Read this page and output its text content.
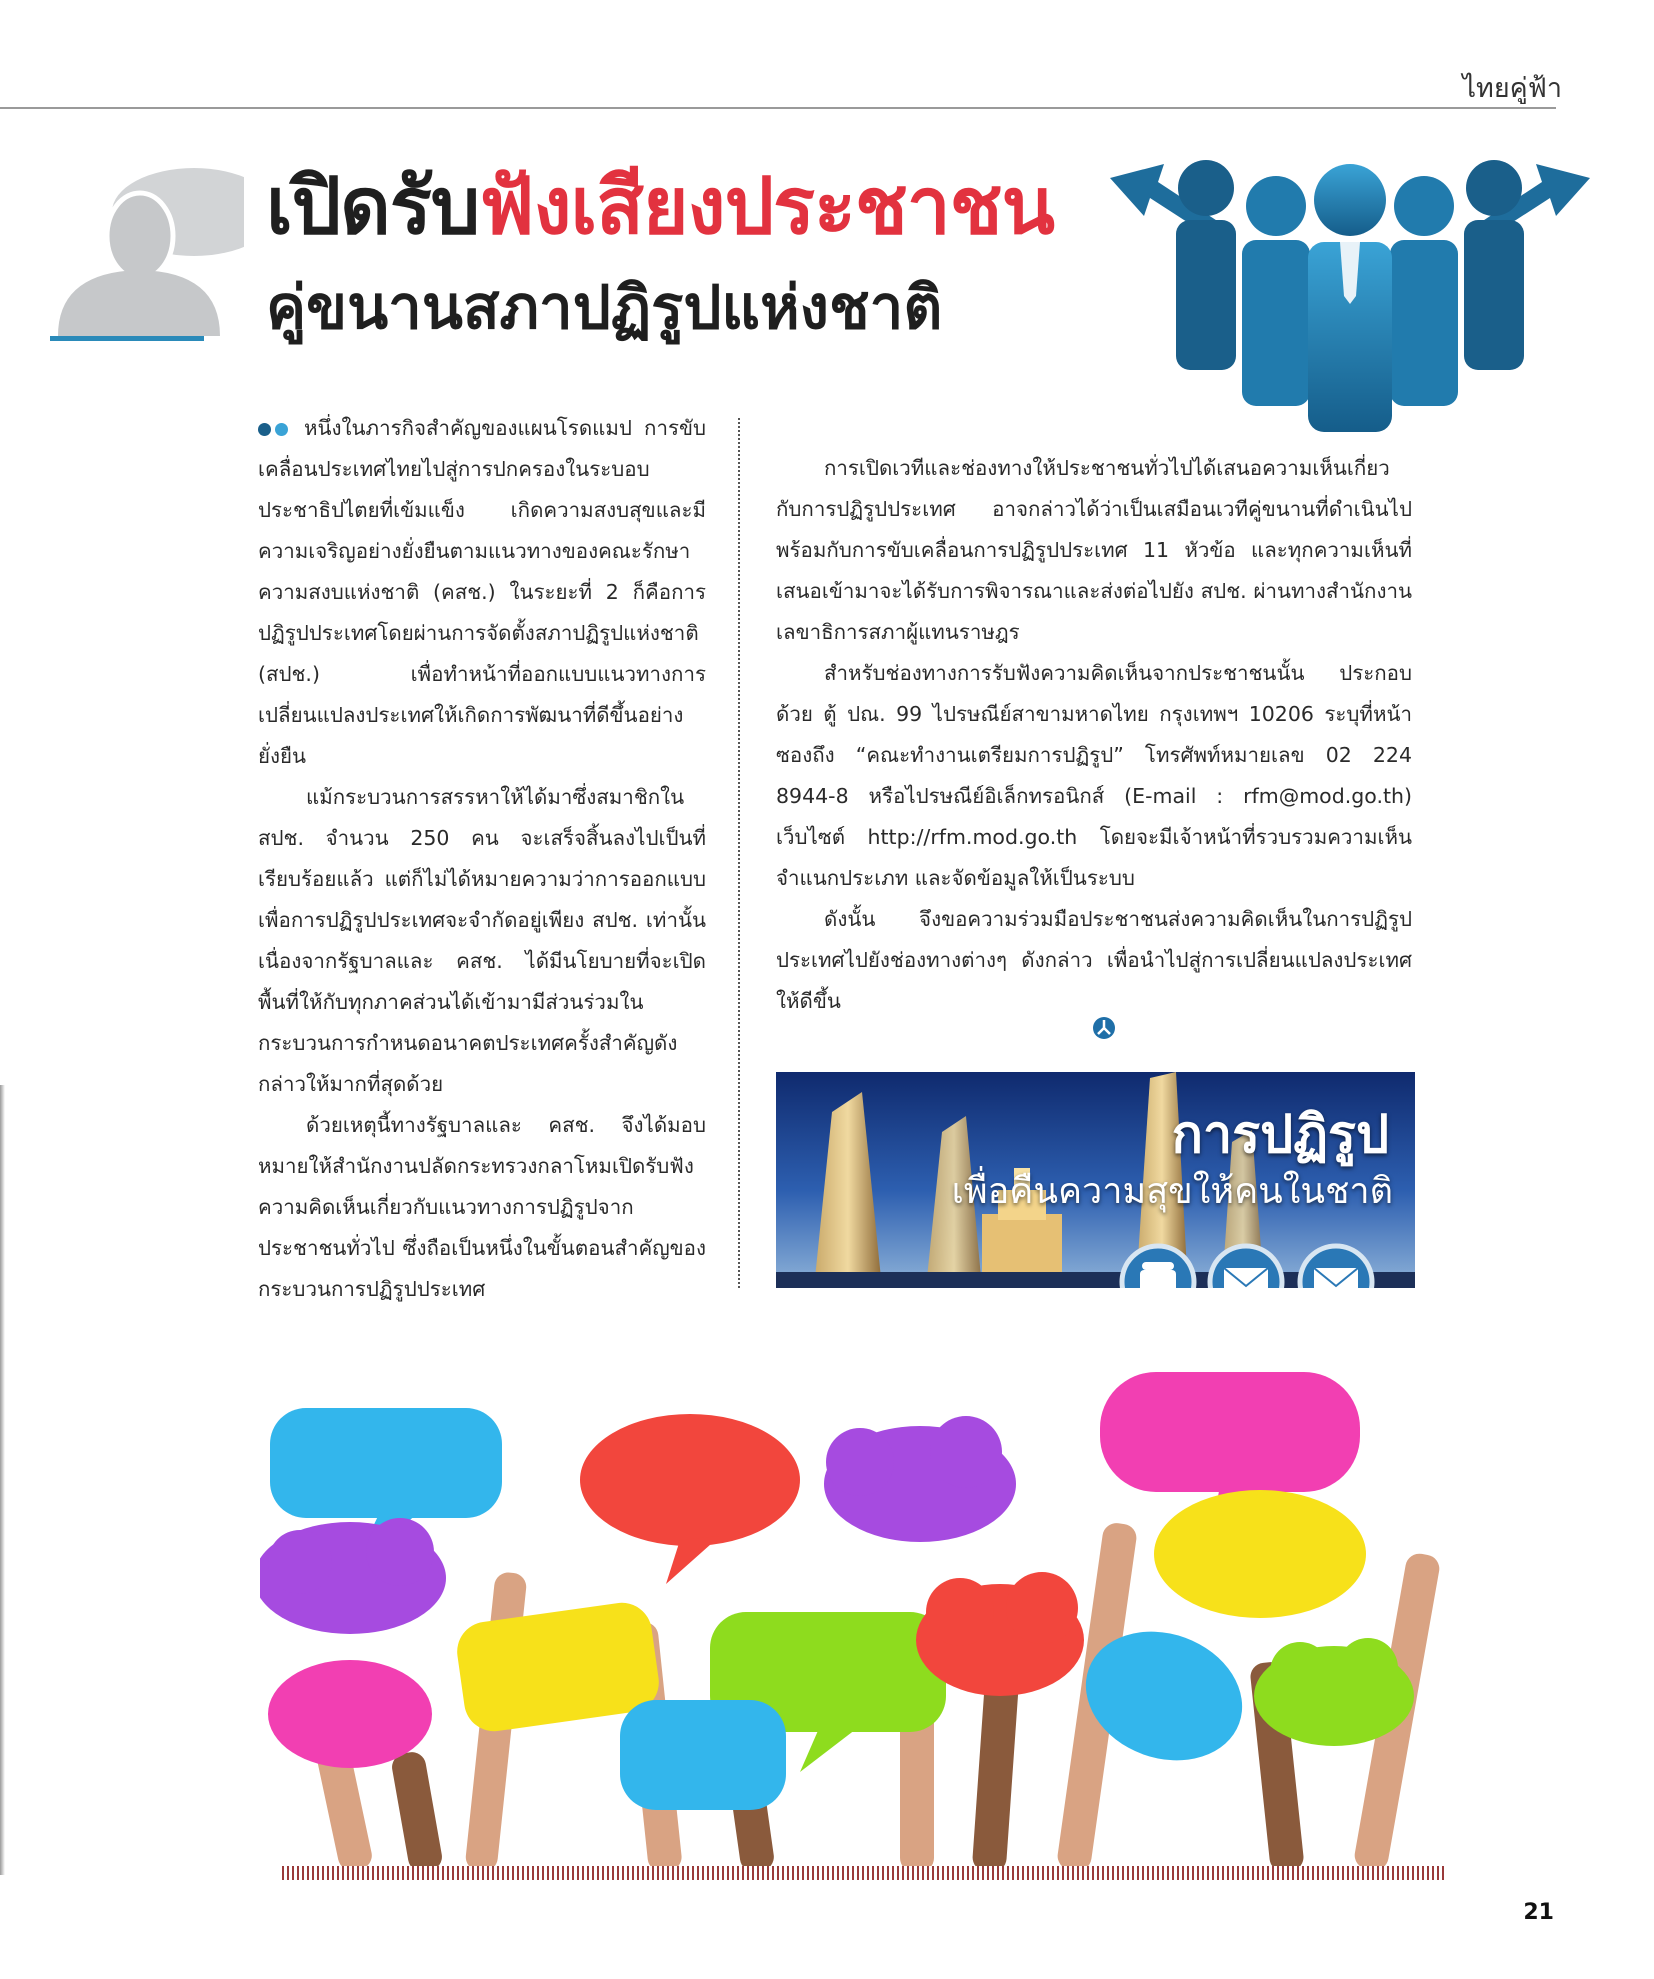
ไทยคู่ฟ้า
เปิดรับฟังเสียงประชาชน
คู่ขนานสภาปฏิรูปแห่งชาติ

หนึ่งในภารกิจสำคัญของแผนโรดแมป การขับเคลื่อนประเทศไทยไปสู่การปกครองในระบอบประชาธิปไตยที่เข้มแข็ง เกิดความสงบสุขและมีความเจริญอย่างยั่งยืนตามแนวทางของคณะรักษาความสงบแห่งชาติ (คสช.) ในระยะที่ 2 ก็คือการปฏิรูปประเทศโดยผ่านการจัดตั้งสภาปฏิรูปแห่งชาติ (สปช.) เพื่อทำหน้าที่ออกแบบแนวทางการเปลี่ยนแปลงประเทศให้เกิดการพัฒนาที่ดีขึ้นอย่างยั่งยืน

แม้กระบวนการสรรหาให้ได้มาซึ่งสมาชิกใน สปช. จำนวน 250 คน จะเสร็จสิ้นลงไปเป็นที่เรียบร้อยแล้ว แต่ก็ไม่ได้หมายความว่าการออกแบบเพื่อการปฏิรูปประเทศจะจำกัดอยู่เพียง สปช. เท่านั้น เนื่องจากรัฐบาลและ คสช. ได้มีนโยบายที่จะเปิดพื้นที่ให้กับทุกภาคส่วนได้เข้ามามีส่วนร่วมในกระบวนการกำหนดอนาคตประเทศครั้งสำคัญดังกล่าวให้มากที่สุดด้วย

ด้วยเหตุนี้ทางรัฐบาลและ คสช. จึงได้มอบหมายให้สำนักงานปลัดกระทรวงกลาโหมเปิดรับฟังความคิดเห็นเกี่ยวกับแนวทางการปฏิรูปจากประชาชนทั่วไป ซึ่งถือเป็นหนึ่งในขั้นตอนสำคัญของกระบวนการปฏิรูปประเทศ

การเปิดเวทีและช่องทางให้ประชาชนทั่วไปได้เสนอความเห็นเกี่ยวกับการปฏิรูปประเทศ อาจกล่าวได้ว่าเป็นเสมือนเวทีคู่ขนานที่ดำเนินไปพร้อมกับการขับเคลื่อนการปฏิรูปประเทศ 11 หัวข้อ และทุกความเห็นที่เสนอเข้ามาจะได้รับการพิจารณาและส่งต่อไปยัง สปช. ผ่านทางสำนักงานเลขาธิการสภาผู้แทนราษฎร

สำหรับช่องทางการรับฟังความคิดเห็นจากประชาชนนั้น ประกอบด้วย ตู้ ปณ. 99 ไปรษณีย์สาขามหาดไทย กรุงเทพฯ 10206 ระบุที่หน้าซองถึง “คณะทำงานเตรียมการปฏิรูป” โทรศัพท์หมายเลข 02 224 8944-8 หรือไปรษณีย์อิเล็กทรอนิกส์ (E-mail : rfm@mod.go.th) เว็บไซต์ http://rfm.mod.go.th โดยจะมีเจ้าหน้าที่รวบรวมความเห็น จำแนกประเภท และจัดข้อมูลให้เป็นระบบ

ดังนั้น จึงขอความร่วมมือประชาชนส่งความคิดเห็นในการปฏิรูปประเทศไปยังช่องทางต่างๆ ดังกล่าว เพื่อนำไปสู่การเปลี่ยนแปลงประเทศให้ดีขึ้น

การปฏิรูป
เพื่อคืนความสุขให้คนในชาติ
21
